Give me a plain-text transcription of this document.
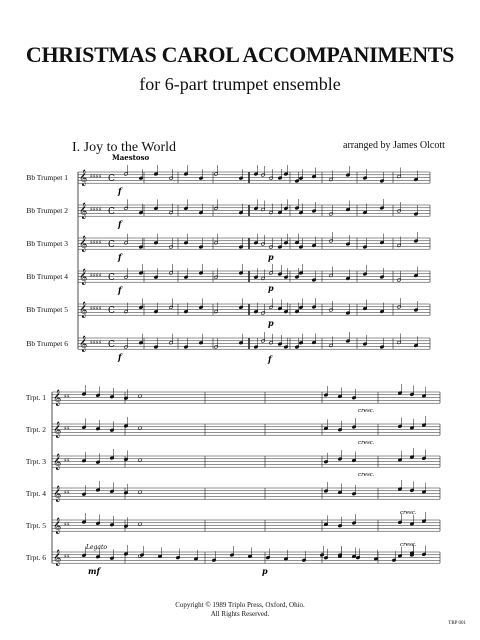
CHRISTMAS CAROL ACCOMPANIMENTS
for 6-part trumpet ensemble
I. Joy to the World	arranged by James Olcott
Bb Trumpet 1
Bb Trumpet 2
Bb Trumpet 3
Bb Trumpet 4
Bb Trumpet 5
Bb Trumpet 6
Trpt. 1
Trpt. 2
Trpt. 3
Trpt. 4
Trpt. 5
Trpt. 6
𝄞 ♯♯♯♯ C
𝄞 ♯♯♯♯ C
𝄞 ♯♯♯♯ C
𝄞 ♯♯♯♯ C
𝄞 ♯♯♯♯ C
𝄞 ♯♯♯♯ C
Maestoso
f
f
f
p
f	f
p
p
f
𝄞 ♯♯
𝄞 ♯♯
𝄞 ♯♯
𝄞 ♯♯
𝄞 ♯♯
𝄞 ♯♯
Legato
mf	p
cresc.
cresc.
cresc.
cresc.
cresc.
Copyright © 1989 Triplo Press, Oxford, Ohio.
All Rights Reserved.
TRP 001
